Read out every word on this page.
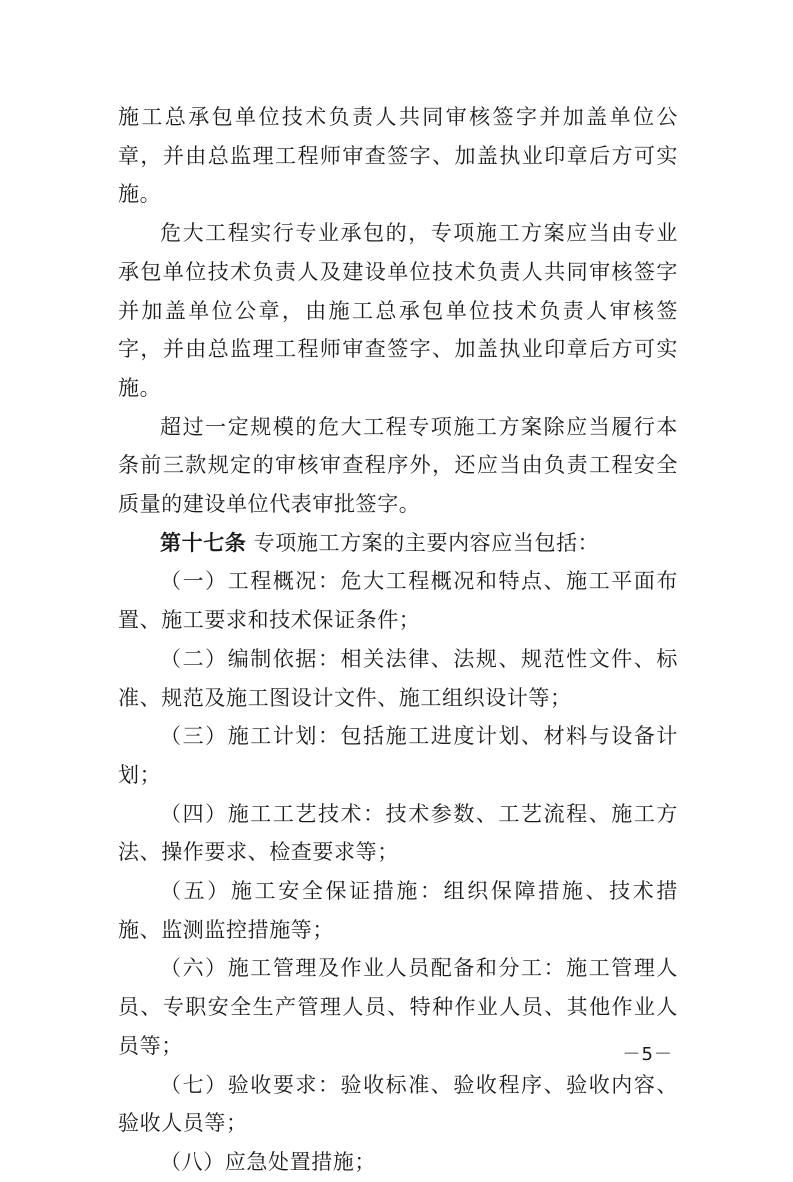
施工总承包单位技术负责人共同审核签字并加盖单位公章，并由总监理工程师审查签字、加盖执业印章后方可实施。

危大工程实行专业承包的，专项施工方案应当由专业承包单位技术负责人及建设单位技术负责人共同审核签字并加盖单位公章，由施工总承包单位技术负责人审核签字，并由总监理工程师审查签字、加盖执业印章后方可实施。

超过一定规模的危大工程专项施工方案除应当履行本条前三款规定的审核审查程序外，还应当由负责工程安全质量的建设单位代表审批签字。

第十七条 专项施工方案的主要内容应当包括：

（一）工程概况：危大工程概况和特点、施工平面布置、施工要求和技术保证条件；

（二）编制依据：相关法律、法规、规范性文件、标准、规范及施工图设计文件、施工组织设计等；

（三）施工计划：包括施工进度计划、材料与设备计划；

（四）施工工艺技术：技术参数、工艺流程、施工方法、操作要求、检查要求等；

（五）施工安全保证措施：组织保障措施、技术措施、监测监控措施等；

（六）施工管理及作业人员配备和分工：施工管理人员、专职安全生产管理人员、特种作业人员、其他作业人员等；

（七）验收要求：验收标准、验收程序、验收内容、验收人员等；

（八）应急处置措施；

－5－
